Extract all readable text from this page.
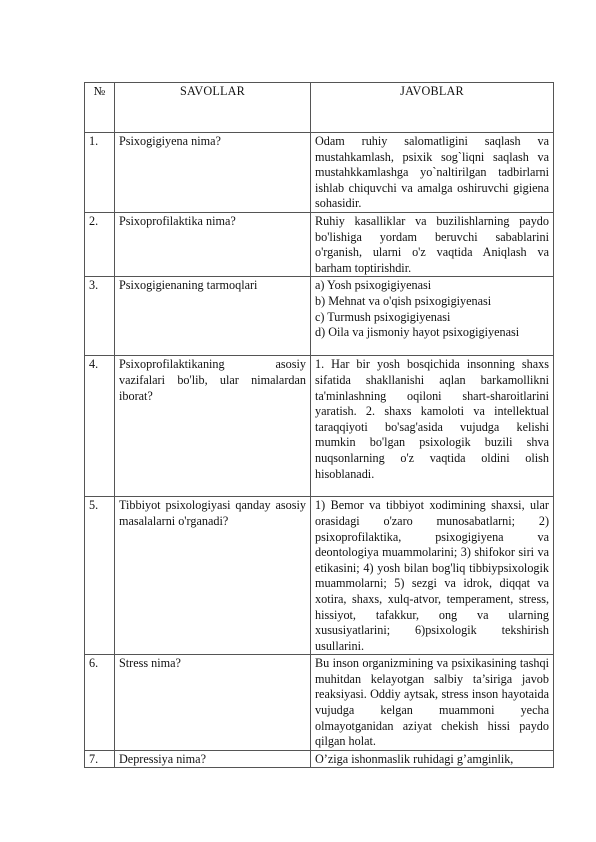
№	SAVOLLAR	JAVOBLAR
1.	Psixogigiyena nima?	Odam ruhiy salomatligini saqlash va mustahkamlash, psixik sog`liqni saqlash va mustahkkamlashga yo`naltirilgan tadbirlarni ishlab chiquvchi va amalga oshiruvchi gigiena sohasidir.
2.	Psixoprofilaktika nima?	Ruhiy kasalliklar va buzilishlarning paydo bo'lishiga yordam beruvchi sabablarini o'rganish, ularni o'z vaqtida Aniqlash va barham toptirishdir.
3.	Psixogigienaning tarmoqlari	a) Yosh psixogigiyenasi
b) Mehnat va o'qish psixogigiyenasi
c) Turmush psixogigiyenasi
d) Oila va jismoniy hayot psixogigiyenasi

4.	Psixoprofilaktikaning asosiy vazifalari bo'lib, ular nimalardan iborat?	1. Har bir yosh bosqichida insonning shaxs sifatida shakllanishi aqlan barkamollikni ta'minlashning oqiloni shart-sharoitlarini yaratish. 2. shaxs kamoloti va intellektual taraqqiyoti bo'sag'asida vujudga kelishi mumkin bo'lgan psixologik buzili shva nuqsonlarning o'z vaqtida oldini olish hisoblanadi.
5.	Tibbiyot psixologiyasi qanday asosiy masalalarni o'rganadi?	1) Bemor va tibbiyot xodimining shaxsi, ular orasidagi o'zaro munosabatlarni; 2) psixoprofilaktika, psixogigiyena va deontologiya muammolarini; 3) shifokor siri va etikasini; 4) yosh bilan bog'liq tibbiypsixologik muammolarni; 5) sezgi va idrok, diqqat va xotira, shaxs, xulq-atvor, temperament, stress, hissiyot, tafakkur, ong va ularning xususiyatlarini; 6)psixologik tekshirish usullarini.
6.	Stress nima?	Bu inson organizmining va psixikasining tashqi muhitdan kelayotgan salbiy ta’siriga javob reaksiyasi. Oddiy aytsak, stress inson hayotaida vujudga kelgan muammoni yecha olmayotganidan aziyat chekish hissi paydo qilgan holat.
7.	Depressiya nima?	O’ziga ishonmaslik ruhidagi g’amginlik,
